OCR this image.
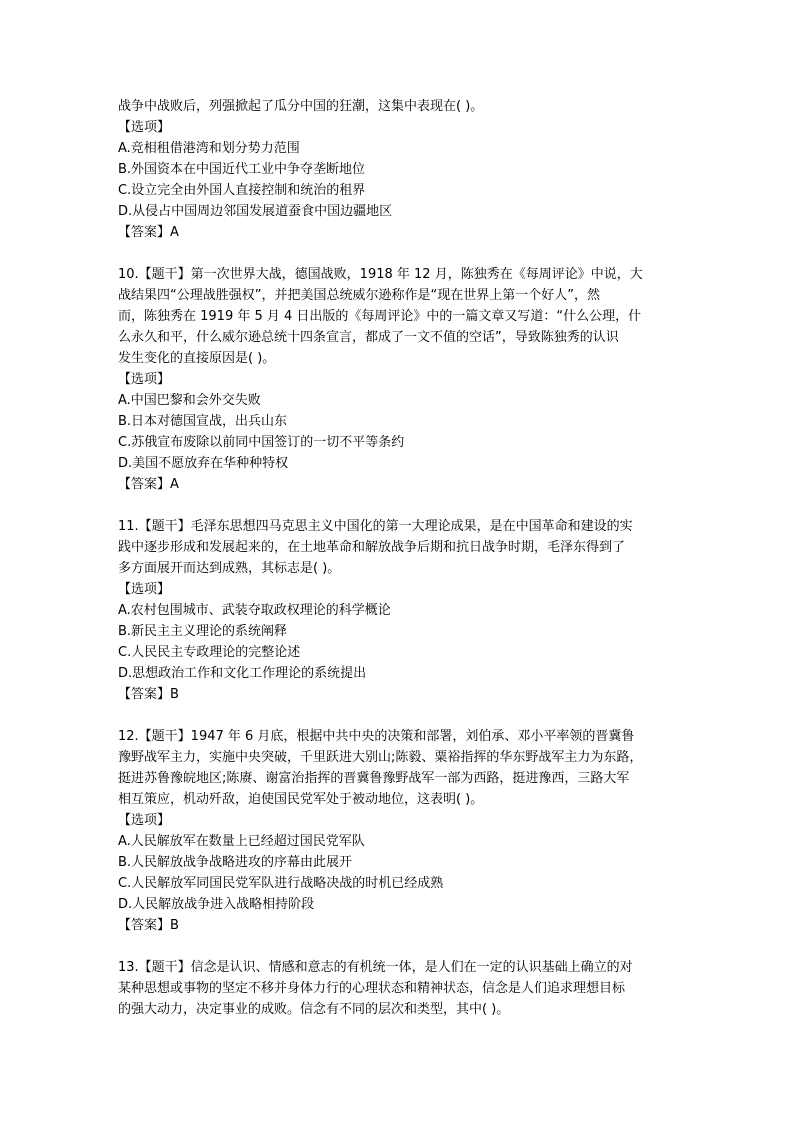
战争中战败后，列强掀起了瓜分中国的狂潮，这集中表现在( )。

【选项】

A.竞相租借港湾和划分势力范围

B.外国资本在中国近代工业中争夺垄断地位

C.设立完全由外国人直接控制和统治的租界

D.从侵占中国周边邻国发展道蚕食中国边疆地区

【答案】A

10.【题干】第一次世界大战，德国战败，1918 年 12 月，陈独秀在《每周评论》中说，大

战结果四“公理战胜强权”，并把美国总统威尔逊称作是“现在世界上第一个好人”，然

而，陈独秀在 1919 年 5 月 4 日出版的《每周评论》中的一篇文章又写道：“什么公理，什

么永久和平，什么威尔逊总统十四条宣言，都成了一文不值的空话”，导致陈独秀的认识

发生变化的直接原因是( )。

【选项】

A.中国巴黎和会外交失败

B.日本对德国宣战，出兵山东

C.苏俄宣布废除以前同中国签订的一切不平等条约

D.美国不愿放弃在华种种特权

【答案】A

11.【题干】毛泽东思想四马克思主义中国化的第一大理论成果，是在中国革命和建设的实

践中逐步形成和发展起来的，在土地革命和解放战争后期和抗日战争时期，毛泽东得到了

多方面展开而达到成熟，其标志是( )。

【选项】

A.农村包围城市、武装夺取政权理论的科学概论

B.新民主主义理论的系统阐释

C.人民民主专政理论的完整论述

D.思想政治工作和文化工作理论的系统提出

【答案】B

12.【题干】1947 年 6 月底，根据中共中央的决策和部署，刘伯承、邓小平率领的晋冀鲁

豫野战军主力，实施中央突破，千里跃进大别山;陈毅、粟裕指挥的华东野战军主力为东路，

挺进苏鲁豫皖地区;陈赓、谢富治指挥的晋冀鲁豫野战军一部为西路，挺进豫西，三路大军

相互策应，机动歼敌，迫使国民党军处于被动地位，这表明( )。

【选项】

A.人民解放军在数量上已经超过国民党军队

B.人民解放战争战略进攻的序幕由此展开

C.人民解放军同国民党军队进行战略决战的时机已经成熟

D.人民解放战争进入战略相持阶段

【答案】B

13.【题干】信念是认识、情感和意志的有机统一体，是人们在一定的认识基础上确立的对

某种思想或事物的坚定不移并身体力行的心理状态和精神状态，信念是人们追求理想目标

的强大动力，决定事业的成败。信念有不同的层次和类型，其中( )。
